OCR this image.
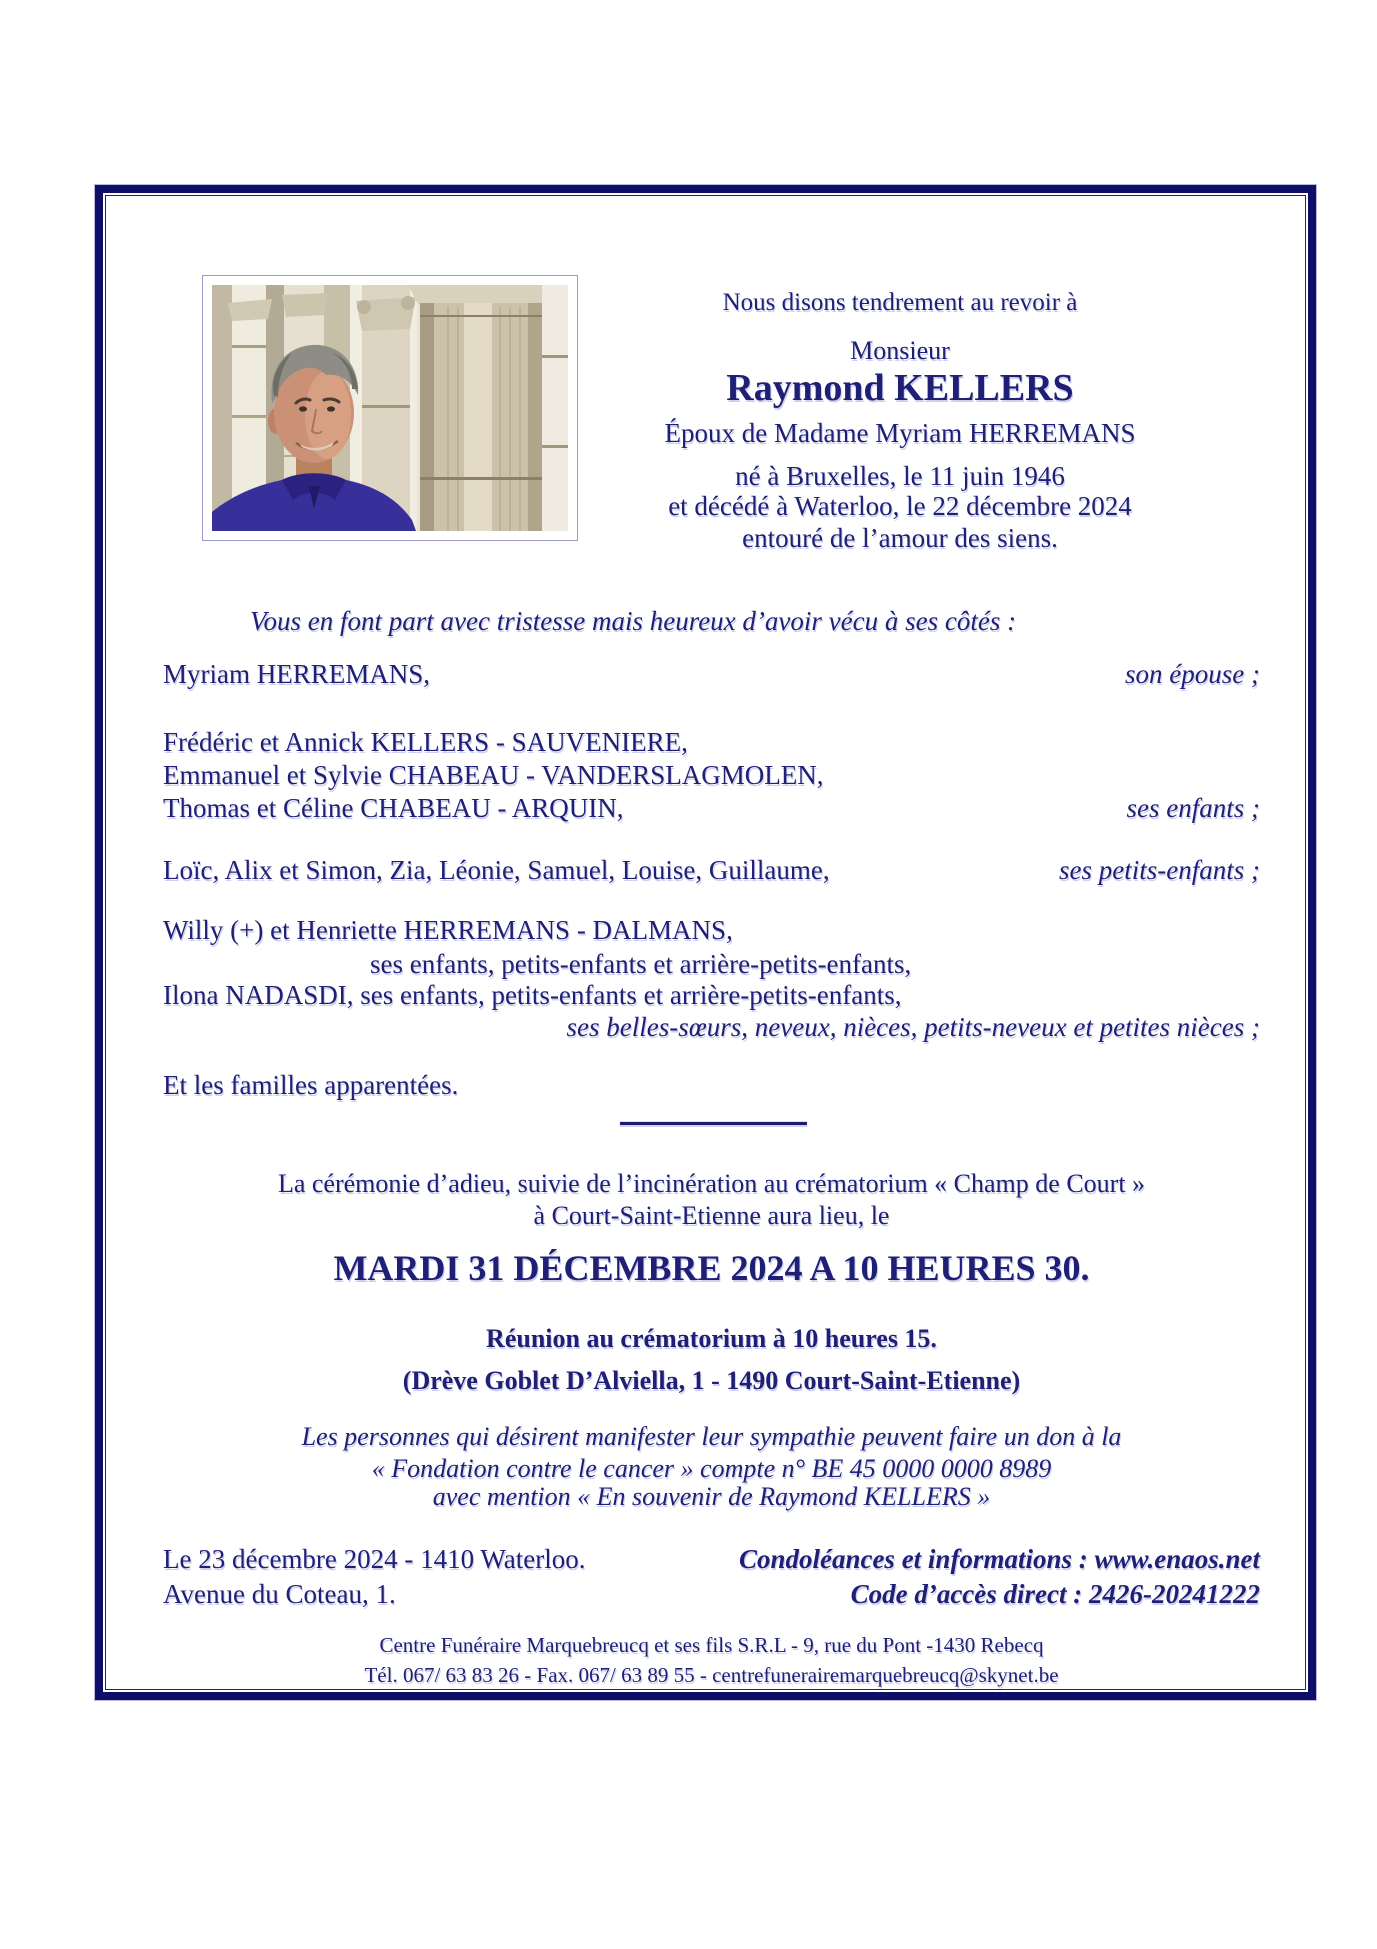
Nous disons tendrement au revoir à
Monsieur
Raymond KELLERS
Époux de Madame Myriam HERREMANS
né à Bruxelles, le 11 juin 1946
et décédé à Waterloo, le 22 décembre 2024
entouré de l’amour des siens.
Vous en font part avec tristesse mais heureux d’avoir vécu à ses côtés :
Myriam HERREMANS,	son épouse ;
Frédéric et Annick KELLERS - SAUVENIERE,
Emmanuel et Sylvie CHABEAU - VANDERSLAGMOLEN,
Thomas et Céline CHABEAU - ARQUIN,	ses enfants ;
Loïc, Alix et Simon, Zia, Léonie, Samuel, Louise, Guillaume,	ses petits-enfants ;
Willy (+) et Henriette HERREMANS - DALMANS,
ses enfants, petits-enfants et arrière-petits-enfants,
Ilona NADASDI, ses enfants, petits-enfants et arrière-petits-enfants,
ses belles-sœurs, neveux, nièces, petits-neveux et petites nièces ;
Et les familles apparentées.
La cérémonie d’adieu, suivie de l’incinération au crématorium « Champ de Court »
à Court-Saint-Etienne aura lieu, le
MARDI 31 DÉCEMBRE 2024 A 10 HEURES 30.
Réunion au crématorium à 10 heures 15.
(Drève Goblet D’Alviella, 1 - 1490 Court-Saint-Etienne)
Les personnes qui désirent manifester leur sympathie peuvent faire un don à la
« Fondation contre le cancer » compte n° BE 45 0000 0000 8989
avec mention « En souvenir de Raymond KELLERS »
Le 23 décembre 2024 - 1410 Waterloo.	Condoléances et informations : www.enaos.net
Avenue du Coteau, 1.	Code d’accès direct : 2426-20241222
Centre Funéraire Marquebreucq et ses fils S.R.L - 9, rue du Pont -1430 Rebecq
Tél. 067/ 63 83 26 - Fax. 067/ 63 89 55 - centrefunerairemarquebreucq@skynet.be
